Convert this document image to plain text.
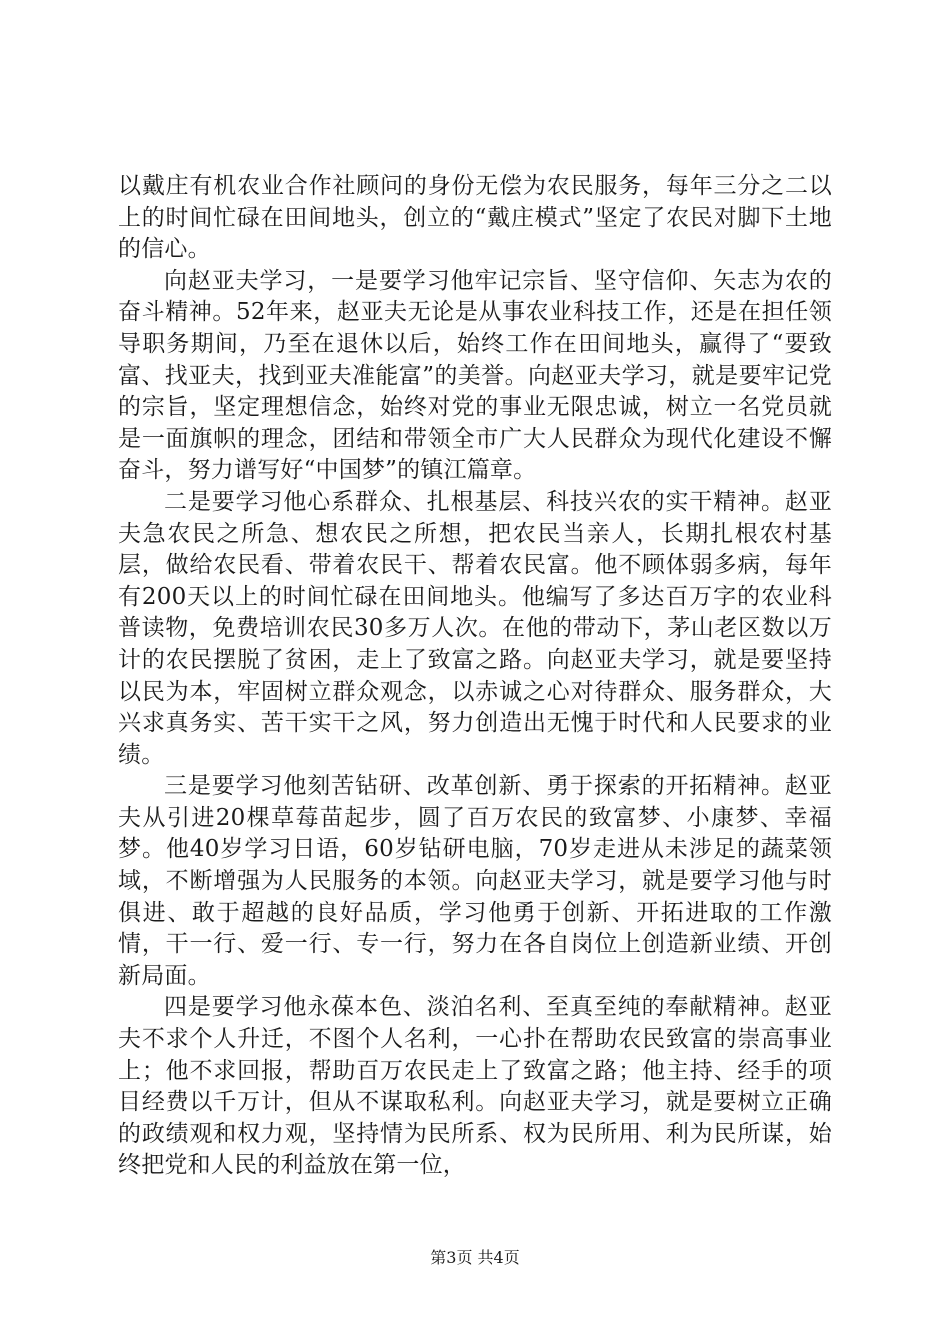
以戴庄有机农业合作社顾问的身份无偿为农民服务，每年三分之二以上的时间忙碌在田间地头，创立的“戴庄模式”坚定了农民对脚下土地的信心。

向赵亚夫学习，一是要学习他牢记宗旨、坚守信仰、矢志为农的奋斗精神。52年来，赵亚夫无论是从事农业科技工作，还是在担任领导职务期间，乃至在退休以后，始终工作在田间地头，赢得了“要致富、找亚夫，找到亚夫准能富”的美誉。向赵亚夫学习，就是要牢记党的宗旨，坚定理想信念，始终对党的事业无限忠诚，树立一名党员就是一面旗帜的理念，团结和带领全市广大人民群众为现代化建设不懈奋斗，努力谱写好“中国梦”的镇江篇章。

二是要学习他心系群众、扎根基层、科技兴农的实干精神。赵亚夫急农民之所急、想农民之所想，把农民当亲人，长期扎根农村基层，做给农民看、带着农民干、帮着农民富。他不顾体弱多病，每年有200天以上的时间忙碌在田间地头。他编写了多达百万字的农业科普读物，免费培训农民30多万人次。在他的带动下，茅山老区数以万计的农民摆脱了贫困，走上了致富之路。向赵亚夫学习，就是要坚持以民为本，牢固树立群众观念，以赤诚之心对待群众、服务群众，大兴求真务实、苦干实干之风，努力创造出无愧于时代和人民要求的业绩。

三是要学习他刻苦钻研、改革创新、勇于探索的开拓精神。赵亚夫从引进20棵草莓苗起步，圆了百万农民的致富梦、小康梦、幸福梦。他40岁学习日语，60岁钻研电脑，70岁走进从未涉足的蔬菜领域，不断增强为人民服务的本领。向赵亚夫学习，就是要学习他与时俱进、敢于超越的良好品质，学习他勇于创新、开拓进取的工作激情，干一行、爱一行、专一行，努力在各自岗位上创造新业绩、开创新局面。

四是要学习他永葆本色、淡泊名利、至真至纯的奉献精神。赵亚夫不求个人升迁，不图个人名利，一心扑在帮助农民致富的崇高事业上；他不求回报，帮助百万农民走上了致富之路；他主持、经手的项目经费以千万计，但从不谋取私利。向赵亚夫学习，就是要树立正确的政绩观和权力观，坚持情为民所系、权为民所用、利为民所谋，始终把党和人民的利益放在第一位，

第3页 共4页
